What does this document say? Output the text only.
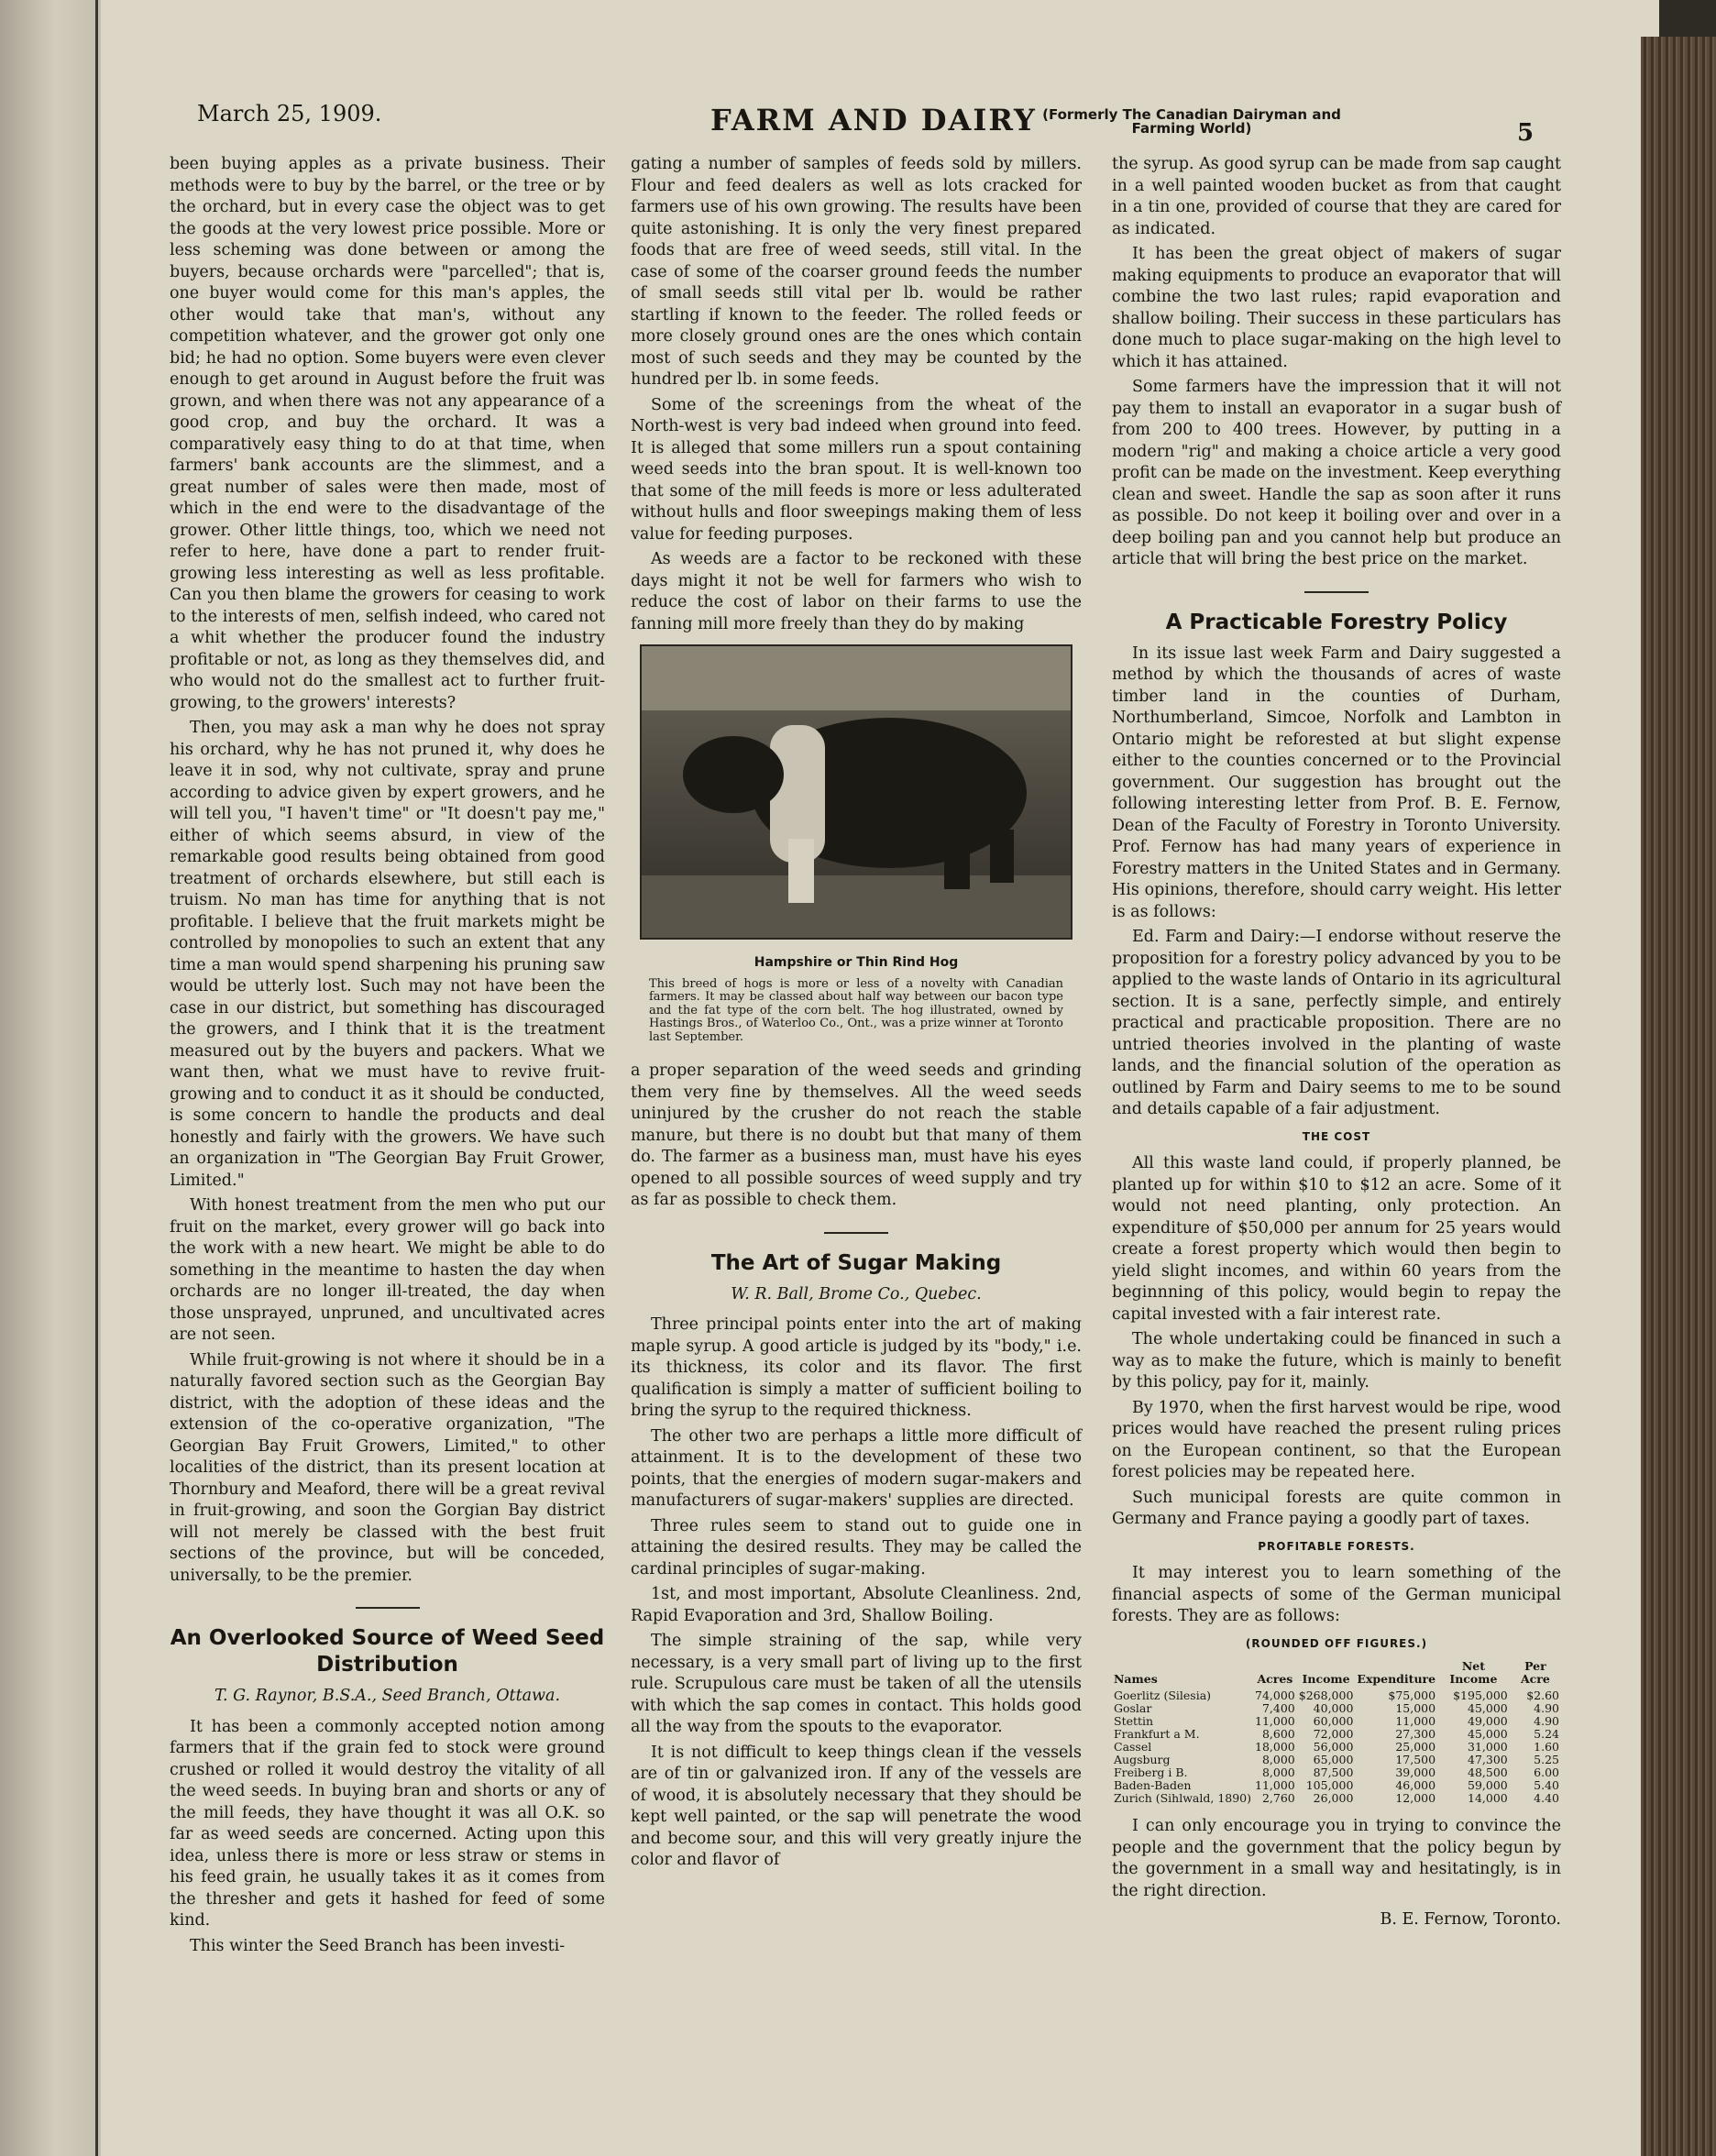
March 25, 1909.	FARM AND DAIRY (Formerly The Canadian Dairyman and Farming World)	5

been buying apples as a private business. Their methods were to buy by the barrel, or the tree or by the orchard, but in every case the object was to get the goods at the very lowest price possible. More or less scheming was done between or among the buyers, because orchards were "parcelled"; that is, one buyer would come for this man's apples, the other would take that man's, without any competition whatever, and the grower got only one bid; he had no option. Some buyers were even clever enough to get around in August before the fruit was grown, and when there was not any appearance of a good crop, and buy the orchard. It was a comparatively easy thing to do at that time, when farmers' bank accounts are the slimmest, and a great number of sales were then made, most of which in the end were to the disadvantage of the grower. Other little things, too, which we need not refer to here, have done a part to render fruit-growing less interesting as well as less profitable. Can you then blame the growers for ceasing to work to the interests of men, selfish indeed, who cared not a whit whether the producer found the industry profitable or not, as long as they themselves did, and who would not do the smallest act to further fruit-growing, to the growers' interests?

Then, you may ask a man why he does not spray his orchard, why he has not pruned it, why does he leave it in sod, why not cultivate, spray and prune according to advice given by expert growers, and he will tell you, "I haven't time" or "It doesn't pay me," either of which seems absurd, in view of the remarkable good results being obtained from good treatment of orchards elsewhere, but still each is truism. No man has time for anything that is not profitable. I believe that the fruit markets might be controlled by monopolies to such an extent that any time a man would spend sharpening his pruning saw would be utterly lost. Such may not have been the case in our district, but something has discouraged the growers, and I think that it is the treatment measured out by the buyers and packers. What we want then, what we must have to revive fruit-growing and to conduct it as it should be conducted, is some concern to handle the products and deal honestly and fairly with the growers. We have such an organization in "The Georgian Bay Fruit Grower, Limited."

With honest treatment from the men who put our fruit on the market, every grower will go back into the work with a new heart. We might be able to do something in the meantime to hasten the day when orchards are no longer ill-treated, the day when those unsprayed, unpruned, and uncultivated acres are not seen.

While fruit-growing is not where it should be in a naturally favored section such as the Georgian Bay district, with the adoption of these ideas and the extension of the co-operative organization, "The Georgian Bay Fruit Growers, Limited," to other localities of the district, than its present location at Thornbury and Meaford, there will be a great revival in fruit-growing, and soon the Gorgian Bay district will not merely be classed with the best fruit sections of the province, but will be conceded, universally, to be the premier.

An Overlooked Source of Weed Seed Distribution
T. G. Raynor, B.S.A., Seed Branch, Ottawa.

It has been a commonly accepted notion among farmers that if the grain fed to stock were ground crushed or rolled it would destroy the vitality of all the weed seeds. In buying bran and shorts or any of the mill feeds, they have thought it was all O.K. so far as weed seeds are concerned. Acting upon this idea, unless there is more or less straw or stems in his feed grain, he usually takes it as it comes from the thresher and gets it hashed for feed of some kind.

This winter the Seed Branch has been investi-

gating a number of samples of feeds sold by millers. Flour and feed dealers as well as lots cracked for farmers use of his own growing. The results have been quite astonishing. It is only the very finest prepared foods that are free of weed seeds, still vital. In the case of some of the coarser ground feeds the number of small seeds still vital per lb. would be rather startling if known to the feeder. The rolled feeds or more closely ground ones are the ones which contain most of such seeds and they may be counted by the hundred per lb. in some feeds.

Some of the screenings from the wheat of the North-west is very bad indeed when ground into feed. It is alleged that some millers run a spout containing weed seeds into the bran spout. It is well-known too that some of the mill feeds is more or less adulterated without hulls and floor sweepings making them of less value for feeding purposes.

As weeds are a factor to be reckoned with these days might it not be well for farmers who wish to reduce the cost of labor on their farms to use the fanning mill more freely than they do by making

Hampshire or Thin Rind Hog
This breed of hogs is more or less of a novelty with Canadian farmers. It may be classed about half way between our bacon type and the fat type of the corn belt. The hog illustrated, owned by Hastings Bros., of Waterloo Co., Ont., was a prize winner at Toronto last September.

a proper separation of the weed seeds and grinding them very fine by themselves. All the weed seeds uninjured by the crusher do not reach the stable manure, but there is no doubt but that many of them do. The farmer as a business man, must have his eyes opened to all possible sources of weed supply and try as far as possible to check them.

The Art of Sugar Making
W. R. Ball, Brome Co., Quebec.

Three principal points enter into the art of making maple syrup. A good article is judged by its "body," i.e. its thickness, its color and its flavor. The first qualification is simply a matter of sufficient boiling to bring the syrup to the required thickness.

The other two are perhaps a little more difficult of attainment. It is to the development of these two points, that the energies of modern sugar-makers and manufacturers of sugar-makers' supplies are directed.

Three rules seem to stand out to guide one in attaining the desired results. They may be called the cardinal principles of sugar-making.

1st, and most important, Absolute Cleanliness. 2nd, Rapid Evaporation and 3rd, Shallow Boiling.

The simple straining of the sap, while very necessary, is a very small part of living up to the first rule. Scrupulous care must be taken of all the utensils with which the sap comes in contact. This holds good all the way from the spouts to the evaporator.

It is not difficult to keep things clean if the vessels are of tin or galvanized iron. If any of the vessels are of wood, it is absolutely necessary that they should be kept well painted, or the sap will penetrate the wood and become sour, and this will very greatly injure the color and flavor of

the syrup. As good syrup can be made from sap caught in a well painted wooden bucket as from that caught in a tin one, provided of course that they are cared for as indicated.

It has been the great object of makers of sugar making equipments to produce an evaporator that will combine the two last rules; rapid evaporation and shallow boiling. Their success in these particulars has done much to place sugar-making on the high level to which it has attained.

Some farmers have the impression that it will not pay them to install an evaporator in a sugar bush of from 200 to 400 trees. However, by putting in a modern "rig" and making a choice article a very good profit can be made on the investment. Keep everything clean and sweet. Handle the sap as soon after it runs as possible. Do not keep it boiling over and over in a deep boiling pan and you cannot help but produce an article that will bring the best price on the market.

A Practicable Forestry Policy

In its issue last week Farm and Dairy suggested a method by which the thousands of acres of waste timber land in the counties of Durham, Northumberland, Simcoe, Norfolk and Lambton in Ontario might be reforested at but slight expense either to the counties concerned or to the Provincial government. Our suggestion has brought out the following interesting letter from Prof. B. E. Fernow, Dean of the Faculty of Forestry in Toronto University. Prof. Fernow has had many years of experience in Forestry matters in the United States and in Germany. His opinions, therefore, should carry weight. His letter is as follows:

Ed. Farm and Dairy:—I endorse without reserve the proposition for a forestry policy advanced by you to be applied to the waste lands of Ontario in its agricultural section. It is a sane, perfectly simple, and entirely practical and practicable proposition. There are no untried theories involved in the planting of waste lands, and the financial solution of the operation as outlined by Farm and Dairy seems to me to be sound and details capable of a fair adjustment.

THE COST

All this waste land could, if properly planned, be planted up for within $10 to $12 an acre. Some of it would not need planting, only protection. An expenditure of $50,000 per annum for 25 years would create a forest property which would then begin to yield slight incomes, and within 60 years from the beginnning of this policy, would begin to repay the capital invested with a fair interest rate.

The whole undertaking could be financed in such a way as to make the future, which is mainly to benefit by this policy, pay for it, mainly.

By 1970, when the first harvest would be ripe, wood prices would have reached the present ruling prices on the European continent, so that the European forest policies may be repeated here.

Such municipal forests are quite common in Germany and France paying a goodly part of taxes.

PROFITABLE FORESTS.

It may interest you to learn something of the financial aspects of some of the German municipal forests. They are as follows:

(ROUNDED OFF FIGURES.)
Names	Acres	Income	Expenditure	Net Income	Per Acre
Goerlitz (Silesia)	74,000	$268,000	$75,000	$195,000	$2.60
Goslar	7,400	40,000	15,000	45,000	4.90
Stettin	11,000	60,000	11,000	49,000	4.90
Frankfurt a M.	8,600	72,000	27,300	45,000	5.24
Cassel	18,000	56,000	25,000	31,000	1.60
Augsburg	8,000	65,000	17,500	47,300	5.25
Freiberg i B.	8,000	87,500	39,000	48,500	6.00
Baden-Baden	11,000	105,000	46,000	59,000	5.40
Zurich (Sihlwald, 1890)	2,760	26,000	12,000	14,000	4.40

I can only encourage you in trying to convince the people and the government that the policy begun by the government in a small way and hesitatingly, is in the right direction.

B. E. Fernow, Toronto.
